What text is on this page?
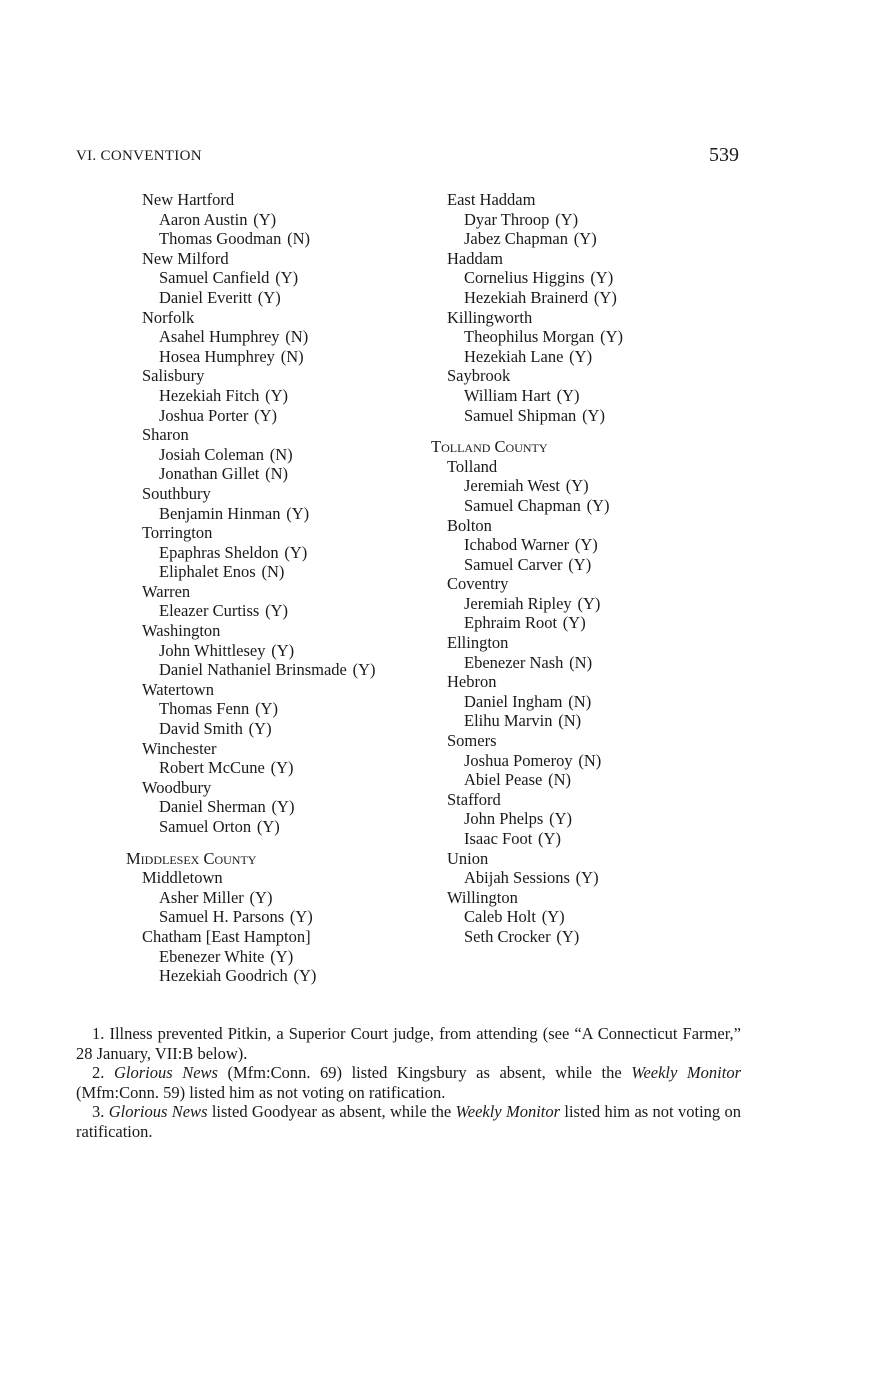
VI. CONVENTION	539
New Hartford
Aaron Austin (Y)
Thomas Goodman (N)
New Milford
Samuel Canfield (Y)
Daniel Everitt (Y)
Norfolk
Asahel Humphrey (N)
Hosea Humphrey (N)
Salisbury
Hezekiah Fitch (Y)
Joshua Porter (Y)
Sharon
Josiah Coleman (N)
Jonathan Gillet (N)
Southbury
Benjamin Hinman (Y)
Torrington
Epaphras Sheldon (Y)
Eliphalet Enos (N)
Warren
Eleazer Curtiss (Y)
Washington
John Whittlesey (Y)
Daniel Nathaniel Brinsmade (Y)
Watertown
Thomas Fenn (Y)
David Smith (Y)
Winchester
Robert McCune (Y)
Woodbury
Daniel Sherman (Y)
Samuel Orton (Y)
Middlesex County
Middletown
Asher Miller (Y)
Samuel H. Parsons (Y)
Chatham [East Hampton]
Ebenezer White (Y)
Hezekiah Goodrich (Y)
East Haddam
Dyar Throop (Y)
Jabez Chapman (Y)
Haddam
Cornelius Higgins (Y)
Hezekiah Brainerd (Y)
Killingworth
Theophilus Morgan (Y)
Hezekiah Lane (Y)
Saybrook
William Hart (Y)
Samuel Shipman (Y)
Tolland County
Tolland
Jeremiah West (Y)
Samuel Chapman (Y)
Bolton
Ichabod Warner (Y)
Samuel Carver (Y)
Coventry
Jeremiah Ripley (Y)
Ephraim Root (Y)
Ellington
Ebenezer Nash (N)
Hebron
Daniel Ingham (N)
Elihu Marvin (N)
Somers
Joshua Pomeroy (N)
Abiel Pease (N)
Stafford
John Phelps (Y)
Isaac Foot (Y)
Union
Abijah Sessions (Y)
Willington
Caleb Holt (Y)
Seth Crocker (Y)

1. Illness prevented Pitkin, a Superior Court judge, from attending (see “A Connecticut Farmer,” 28 January, VII:B below).

2. Glorious News (Mfm:Conn. 69) listed Kingsbury as absent, while the Weekly Monitor (Mfm:Conn. 59) listed him as not voting on ratification.

3. Glorious News listed Goodyear as absent, while the Weekly Monitor listed him as not voting on ratification.
